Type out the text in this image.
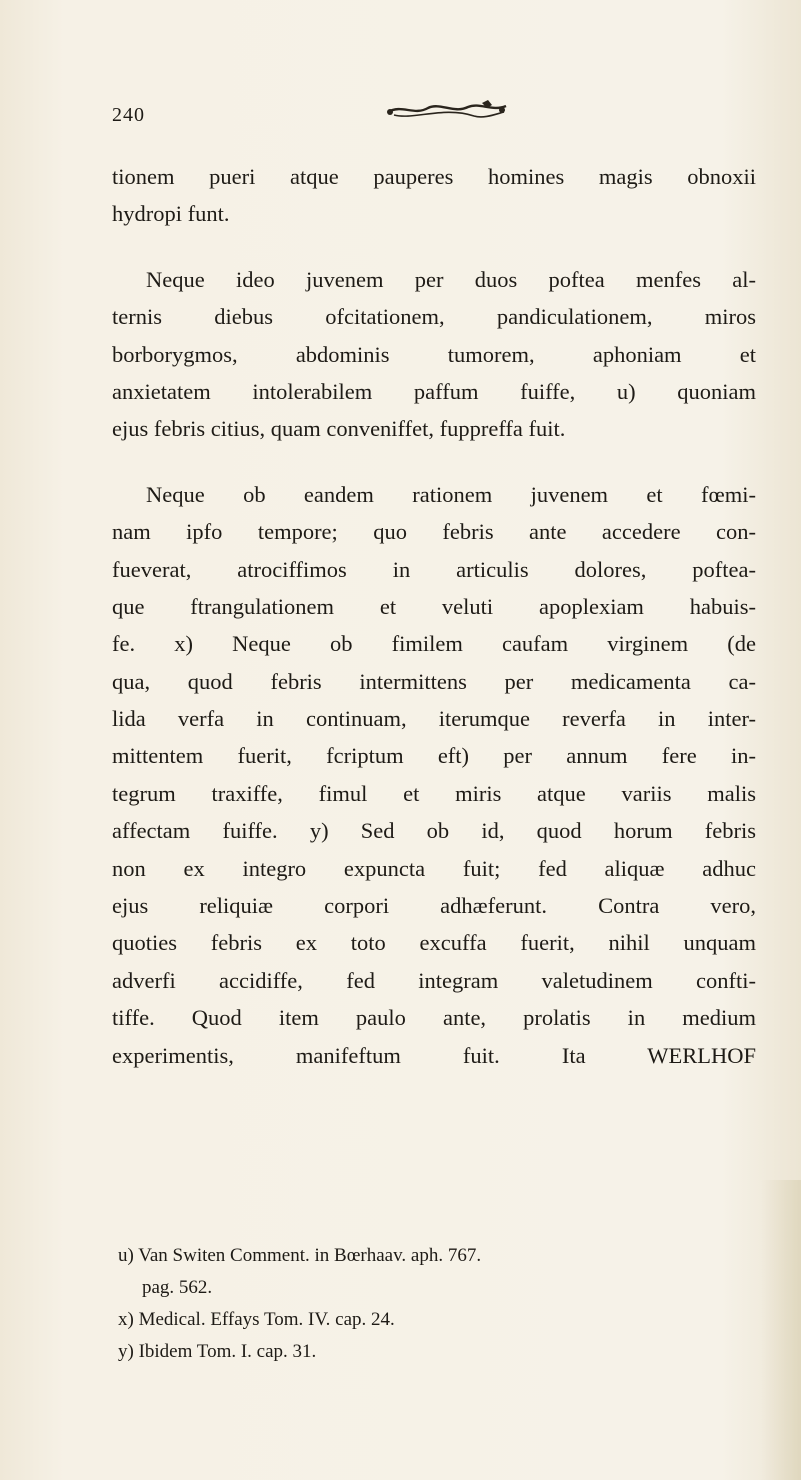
240
tionem pueri atque pauperes homines magis obnoxii
hydropi funt.
Neque ideo juvenem per duos poftea menfes al-
ternis diebus ofcitationem, pandiculationem, miros
borborygmos, abdominis tumorem, aphoniam et
anxietatem intolerabilem paffum fuiffe, u) quoniam
ejus febris citius, quam conveniffet, fuppreffa fuit.
Neque ob eandem rationem juvenem et fœmi-
nam ipfo tempore; quo febris ante accedere con-
fueverat, atrociffimos in articulis dolores, poftea-
que ftrangulationem et veluti apoplexiam habuis-
fe. x) Neque ob fimilem caufam virginem (de
qua, quod febris intermittens per medicamenta ca-
lida verfa in continuam, iterumque reverfa in inter-
mittentem fuerit, fcriptum eft) per annum fere in-
tegrum traxiffe, fimul et miris atque variis malis
affectam fuiffe. y) Sed ob id, quod horum febris
non ex integro expuncta fuit; fed aliquæ adhuc
ejus reliquiæ corpori adhæferunt. Contra vero,
quoties febris ex toto excuffa fuerit, nihil unquam
adverfi accidiffe, fed integram valetudinem confti-
tiffe. Quod item paulo ante, prolatis in medium
experimentis, manifeftum fuit. Ita WERLHOF
u) Van Switen Comment. in Bœrhaav. aph. 767.
pag. 562.
x) Medical. Effays Tom. IV. cap. 24.
y) Ibidem Tom. I. cap. 31.
